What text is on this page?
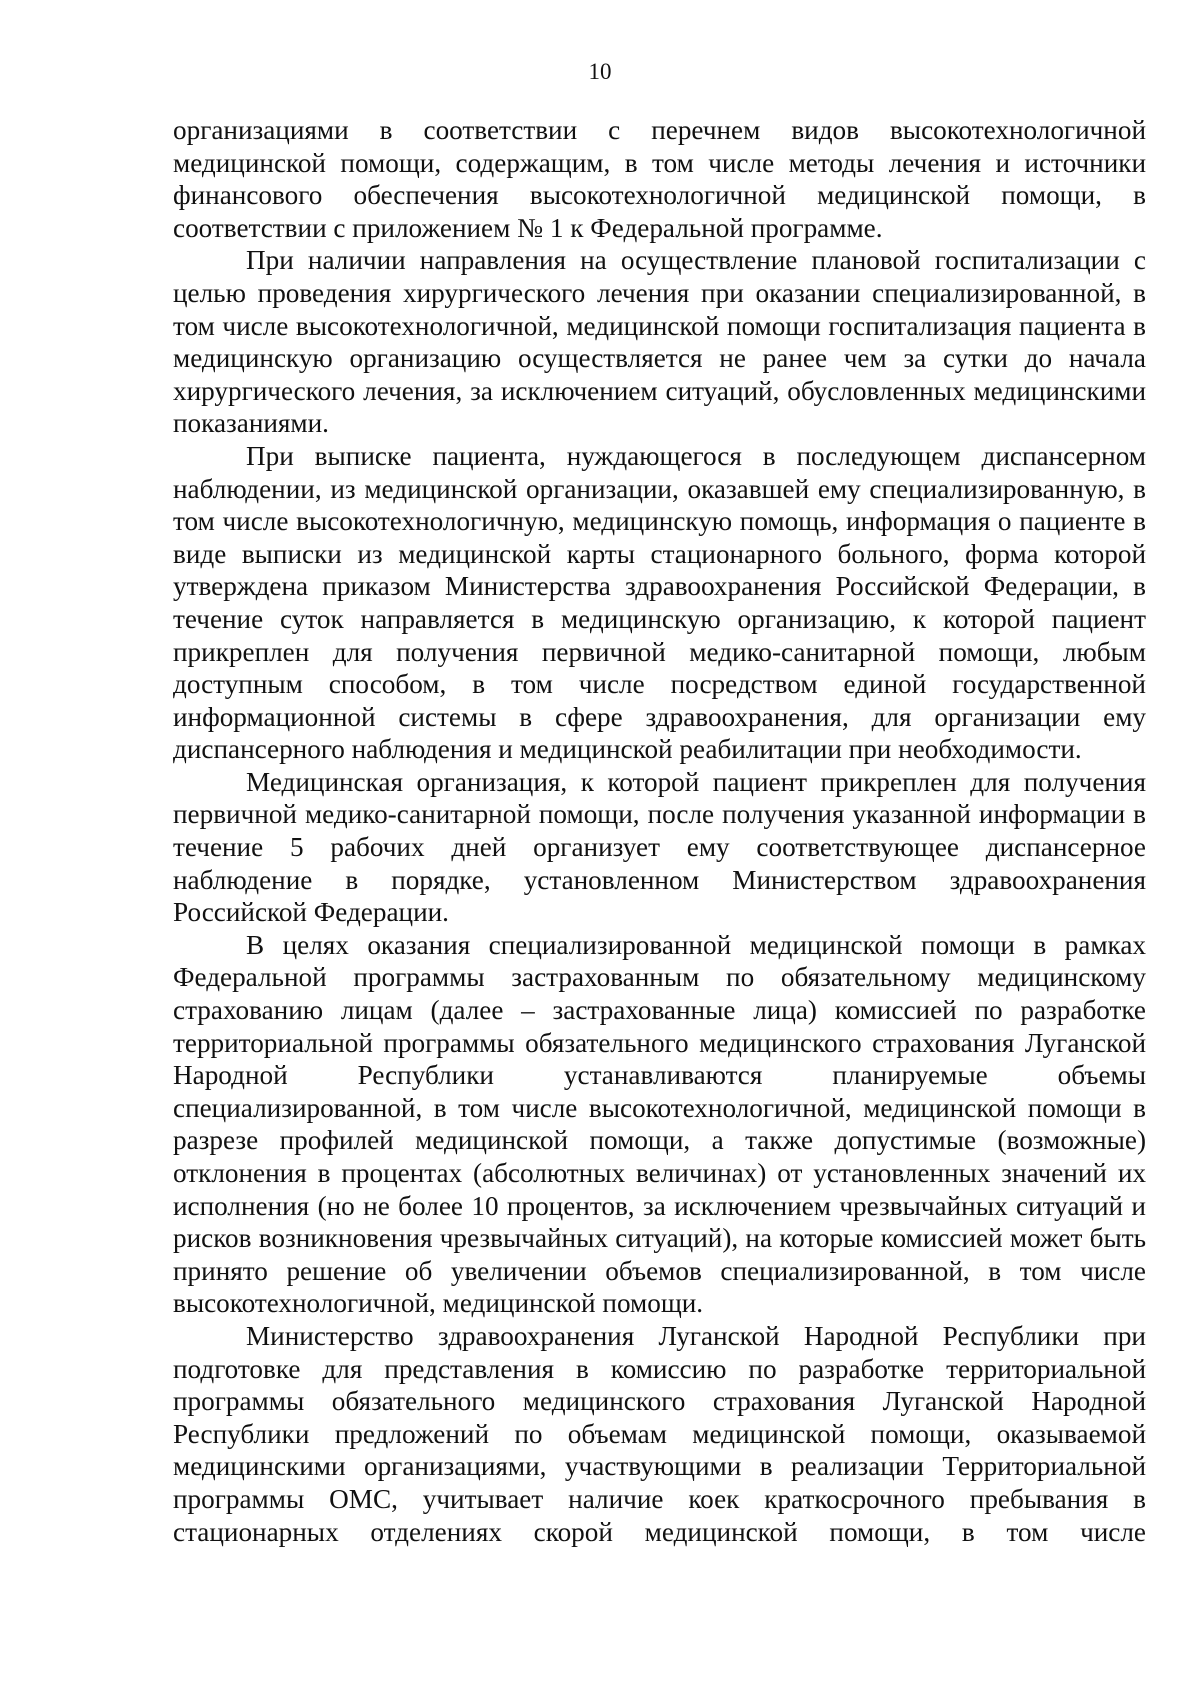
10

организациями в соответствии с перечнем видов высокотехнологичной медицинской помощи, содержащим, в том числе методы лечения и источники финансового обеспечения высокотехнологичной медицинской помощи, в соответствии с приложением № 1 к Федеральной программе.

При наличии направления на осуществление плановой госпитализации с целью проведения хирургического лечения при оказании специализированной, в том числе высокотехнологичной, медицинской помощи госпитализация пациента в медицинскую организацию осуществляется не ранее чем за сутки до начала хирургического лечения, за исключением ситуаций, обусловленных медицинскими показаниями.

При выписке пациента, нуждающегося в последующем диспансерном наблюдении, из медицинской организации, оказавшей ему специализированную, в том числе высокотехнологичную, медицинскую помощь, информация о пациенте в виде выписки из медицинской карты стационарного больного, форма которой утверждена приказом Министерства здравоохранения Российской Федерации, в течение суток направляется в медицинскую организацию, к которой пациент прикреплен для получения первичной медико-санитарной помощи, любым доступным способом, в том числе посредством единой государственной информационной системы в сфере здравоохранения, для организации ему диспансерного наблюдения и медицинской реабилитации при необходимости.

Медицинская организация, к которой пациент прикреплен для получения первичной медико-санитарной помощи, после получения указанной информации в течение 5 рабочих дней организует ему соответствующее диспансерное наблюдение в порядке, установленном Министерством здравоохранения Российской Федерации.

В целях оказания специализированной медицинской помощи в рамках Федеральной программы застрахованным по обязательному медицинскому страхованию лицам (далее – застрахованные лица) комиссией по разработке территориальной программы обязательного медицинского страхования Луганской Народной Республики устанавливаются планируемые объемы специализированной, в том числе высокотехнологичной, медицинской помощи в разрезе профилей медицинской помощи, а также допустимые (возможные) отклонения в процентах (абсолютных величинах) от установленных значений их исполнения (но не более 10 процентов, за исключением чрезвычайных ситуаций и рисков возникновения чрезвычайных ситуаций), на которые комиссией может быть принято решение об увеличении объемов специализированной, в том числе высокотехнологичной, медицинской помощи.

Министерство здравоохранения Луганской Народной Республики при подготовке для представления в комиссию по разработке территориальной программы обязательного медицинского страхования Луганской Народной Республики предложений по объемам медицинской помощи, оказываемой медицинскими организациями, участвующими в реализации Территориальной программы ОМС, учитывает наличие коек краткосрочного пребывания в стационарных отделениях скорой медицинской помощи, в том числе
